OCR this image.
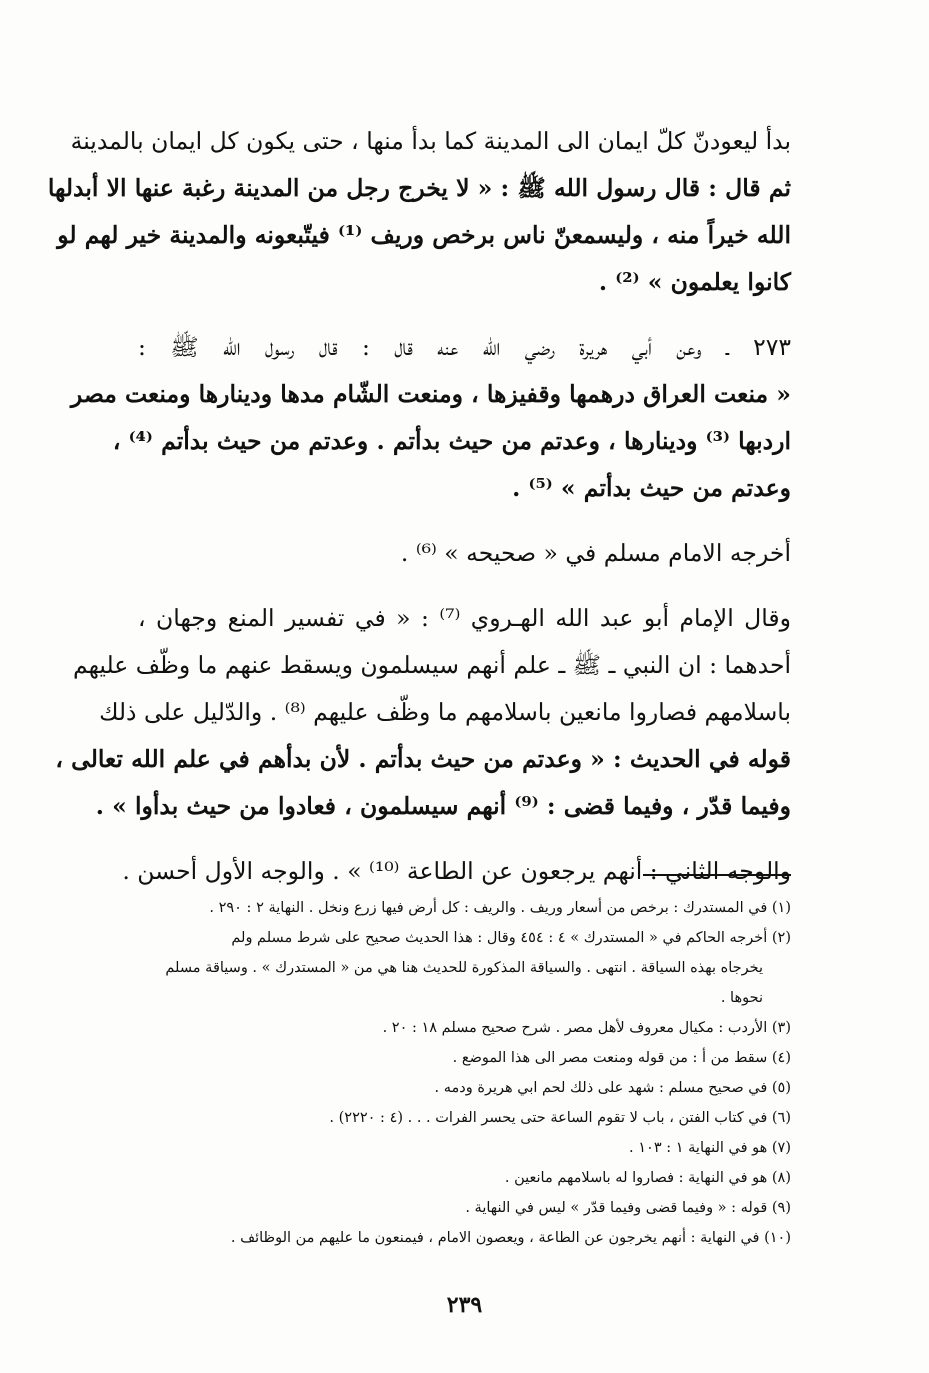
بدأ ليعودنّ كلّ ايمان الى المدينة كما بدأ منها ، حتى يكون كل ايمان بالمدينة
ثم قال : قال رسول الله ﷺ : « لا يخرج رجل من المدينة رغبة عنها الا أبدلها
الله خيراً منه ، وليسمعنّ ناس برخص وريف ⁽¹⁾ فيتّبعونه والمدينة خير لهم لو
كانوا يعلمون » ⁽²⁾ .
٢٧٣ ـ وعن أبي هريرة رضي الله عنه قال : قال رسول الله ﷺ :
« منعت العراق درهمها وقفيزها ، ومنعت الشّام مدها ودينارها ومنعت مصر
اردبها ⁽³⁾ ودينارها ، وعدتم من حيث بدأتم . وعدتم من حيث بدأتم ⁽⁴⁾ ،
وعدتم من حيث بدأتم » ⁽⁵⁾ .
أخرجه الامام مسلم في « صحيحه » ⁽⁶⁾ .
وقال الإمام أبو عبد الله الهـروي ⁽⁷⁾ : « في تفسير المنع وجهان ،
أحدهما : ان النبي ـ ﷺ ـ علم أنهم سيسلمون ويسقط عنهم ما وظّف عليهم
باسلامهم فصاروا مانعين باسلامهم ما وظّف عليهم ⁽⁸⁾ . والدّليل على ذلك
قوله في الحديث : « وعدتم من حيث بدأتم . لأن بدأهم في علم الله تعالى ،
وفيما قدّر ، وفيما قضى : ⁽⁹⁾ أنهم سيسلمون ، فعادوا من حيث بدأوا » .
والوجه الثاني : أنهم يرجعون عن الطاعة ⁽¹⁰⁾ » . والوجه الأول أحسن .
(١) في المستدرك : برخص من أسعار وريف . والريف : كل أرض فيها زرع ونخل . النهاية ٢ : ٢٩٠ .
(٢) أخرجه الحاكم في « المستدرك » ٤ : ٤٥٤ وقال : هذا الحديث صحيح على شرط مسلم ولم
يخرجاه بهذه السياقة . انتهى . والسياقة المذكورة للحديث هنا هي من « المستدرك » . وسياقة مسلم
نحوها .
(٣) الأردب : مكيال معروف لأهل مصر . شرح صحيح مسلم ١٨ : ٢٠ .
(٤) سقط من أ : من قوله ومنعت مصر الى هذا الموضع .
(٥) في صحيح مسلم : شهد على ذلك لحم ابي هريرة ودمه .
(٦) في كتاب الفتن ، باب لا تقوم الساعة حتى يحسر الفرات . . . (٤ : ٢٢٢٠) .
(٧) هو في النهاية ١ : ١٠٣ .
(٨) هو في النهاية : فصاروا له باسلامهم مانعين .
(٩) قوله : « وفيما قضى وفيما قدّر » ليس في النهاية .
(١٠) في النهاية : أنهم يخرجون عن الطاعة ، ويعصون الامام ، فيمنعون ما عليهم من الوظائف .
٢٣٩
